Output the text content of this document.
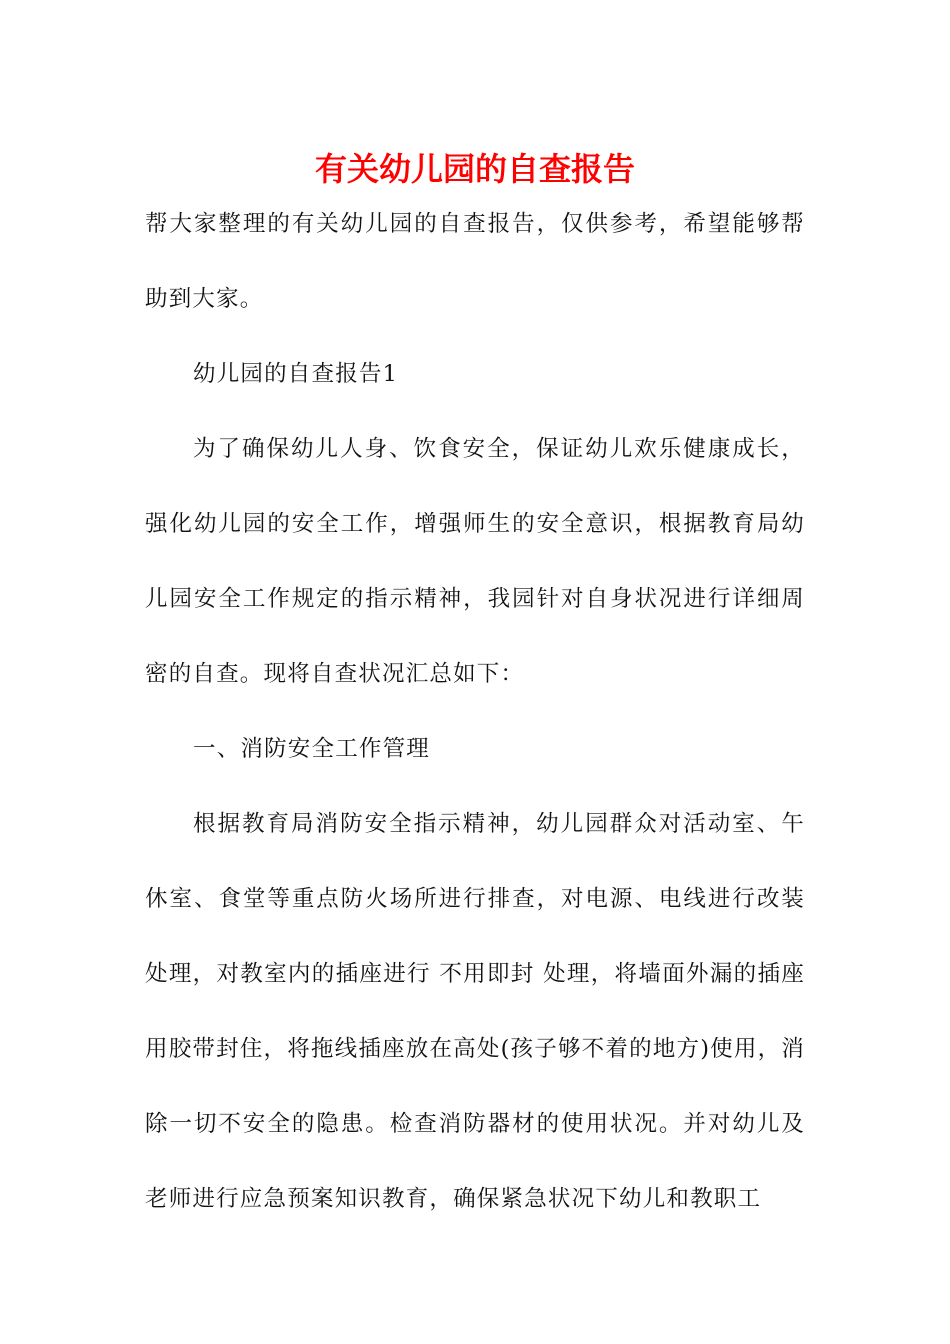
有关幼儿园的自查报告

帮大家整理的有关幼儿园的自查报告，仅供参考，希望能够帮助到大家。

幼儿园的自查报告1

为了确保幼儿人身、饮食安全，保证幼儿欢乐健康成长，强化幼儿园的安全工作，增强师生的安全意识，根据教育局幼儿园安全工作规定的指示精神，我园针对自身状况进行详细周密的自查。现将自查状况汇总如下：

一、消防安全工作管理

根据教育局消防安全指示精神，幼儿园群众对活动室、午休室、食堂等重点防火场所进行排查，对电源、电线进行改装处理，对教室内的插座进行 不用即封 处理，将墙面外漏的插座用胶带封住，将拖线插座放在高处(孩子够不着的地方)使用，消除一切不安全的隐患。检查消防器材的使用状况。并对幼儿及老师进行应急预案知识教育，确保紧急状况下幼儿和教职工
